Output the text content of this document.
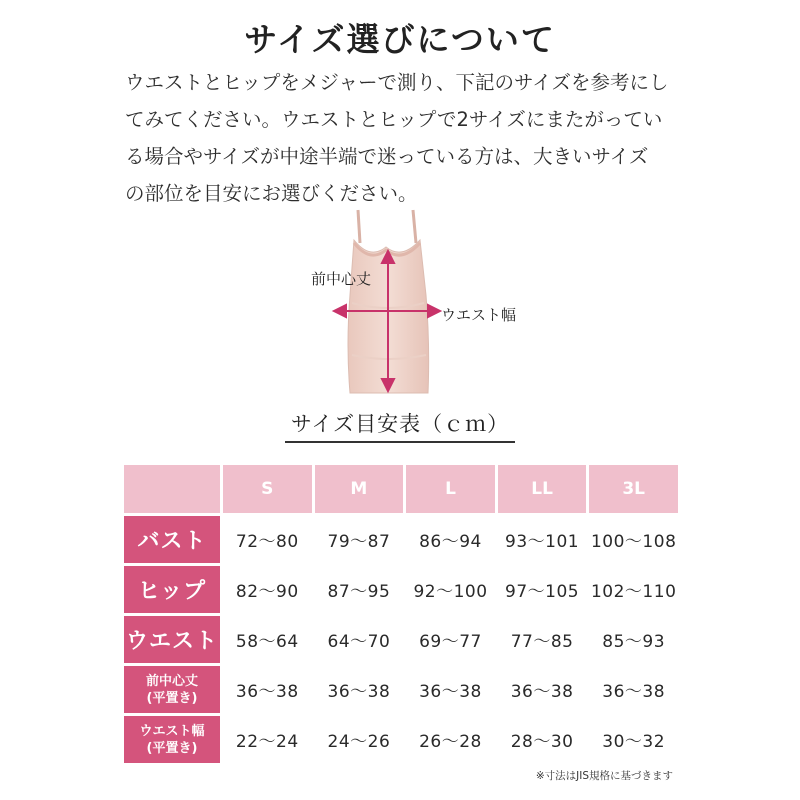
サイズ選びについて

ウエストとヒップをメジャーで測り、下記のサイズを参考にし

てみてください。ウエストとヒップで2サイズにまたがってい

る場合やサイズが中途半端で迷っている方は、大きいサイズ

の部位を目安にお選びください。

前中心丈
ウエスト幅
サイズ目安表（ｃｍ）
	S	M	L	LL	3L
バスト	72〜80	79〜87	86〜94	93〜101	100〜108
ヒップ	82〜90	87〜95	92〜100	97〜105	102〜110
ウエスト	58〜64	64〜70	69〜77	77〜85	85〜93
前中心丈
(平置き)	36〜38	36〜38	36〜38	36〜38	36〜38
ウエスト幅
(平置き)	22〜24	24〜26	26〜28	28〜30	30〜32
※寸法はJIS規格に基づきます
